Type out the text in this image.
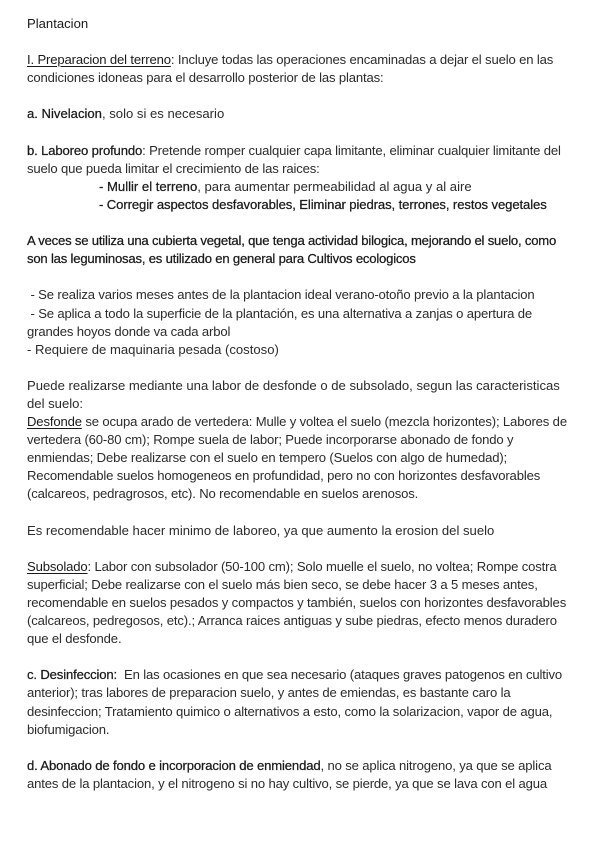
Plantacion

I. Preparacion del terreno: Incluye todas las operaciones encaminadas a dejar el suelo en las condiciones idoneas para el desarrollo posterior de las plantas:

a. Nivelacion, solo si es necesario

b. Laboreo profundo: Pretende romper cualquier capa limitante, eliminar cualquier limitante del suelo que pueda limitar el crecimiento de las raices:

- Mullir el terreno, para aumentar permeabilidad al agua y al aire

- Corregir aspectos desfavorables, Eliminar piedras, terrones, restos vegetales

A veces se utiliza una cubierta vegetal, que tenga actividad bilogica, mejorando el suelo, como son las leguminosas, es utilizado en general para Cultivos ecologicos

- Se realiza varios meses antes de la plantacion ideal verano-otoño previo a la plantacion

- Se aplica a todo la superficie de la plantación, es una alternativa a zanjas o apertura de grandes hoyos donde va cada arbol

- Requiere de maquinaria pesada (costoso)

Puede realizarse mediante una labor de desfonde o de subsolado, segun las caracteristicas del suelo:

Desfonde se ocupa arado de vertedera: Mulle y voltea el suelo (mezcla horizontes); Labores de vertedera (60-80 cm); Rompe suela de labor; Puede incorporarse abonado de fondo y enmiendas; Debe realizarse con el suelo en tempero (Suelos con algo de humedad); Recomendable suelos homogeneos en profundidad, pero no con horizontes desfavorables (calcareos, pedragrosos, etc). No recomendable en suelos arenosos.

Es recomendable hacer minimo de laboreo, ya que aumento la erosion del suelo

Subsolado: Labor con subsolador (50-100 cm); Solo muelle el suelo, no voltea; Rompe costra superficial; Debe realizarse con el suelo más bien seco, se debe hacer 3 a 5 meses antes, recomendable en suelos pesados y compactos y también, suelos con horizontes desfavorables (calcareos, pedregosos, etc).; Arranca raices antiguas y sube piedras, efecto menos duradero que el desfonde.

c. Desinfeccion:  En las ocasiones en que sea necesario (ataques graves patogenos en cultivo anterior); tras labores de preparacion suelo, y antes de emiendas, es bastante caro la desinfeccion; Tratamiento quimico o alternativos a esto, como la solarizacion, vapor de agua, biofumigacion.

d. Abonado de fondo e incorporacion de enmiendad, no se aplica nitrogeno, ya que se aplica antes de la plantacion, y el nitrogeno si no hay cultivo, se pierde, ya que se lava con el agua
